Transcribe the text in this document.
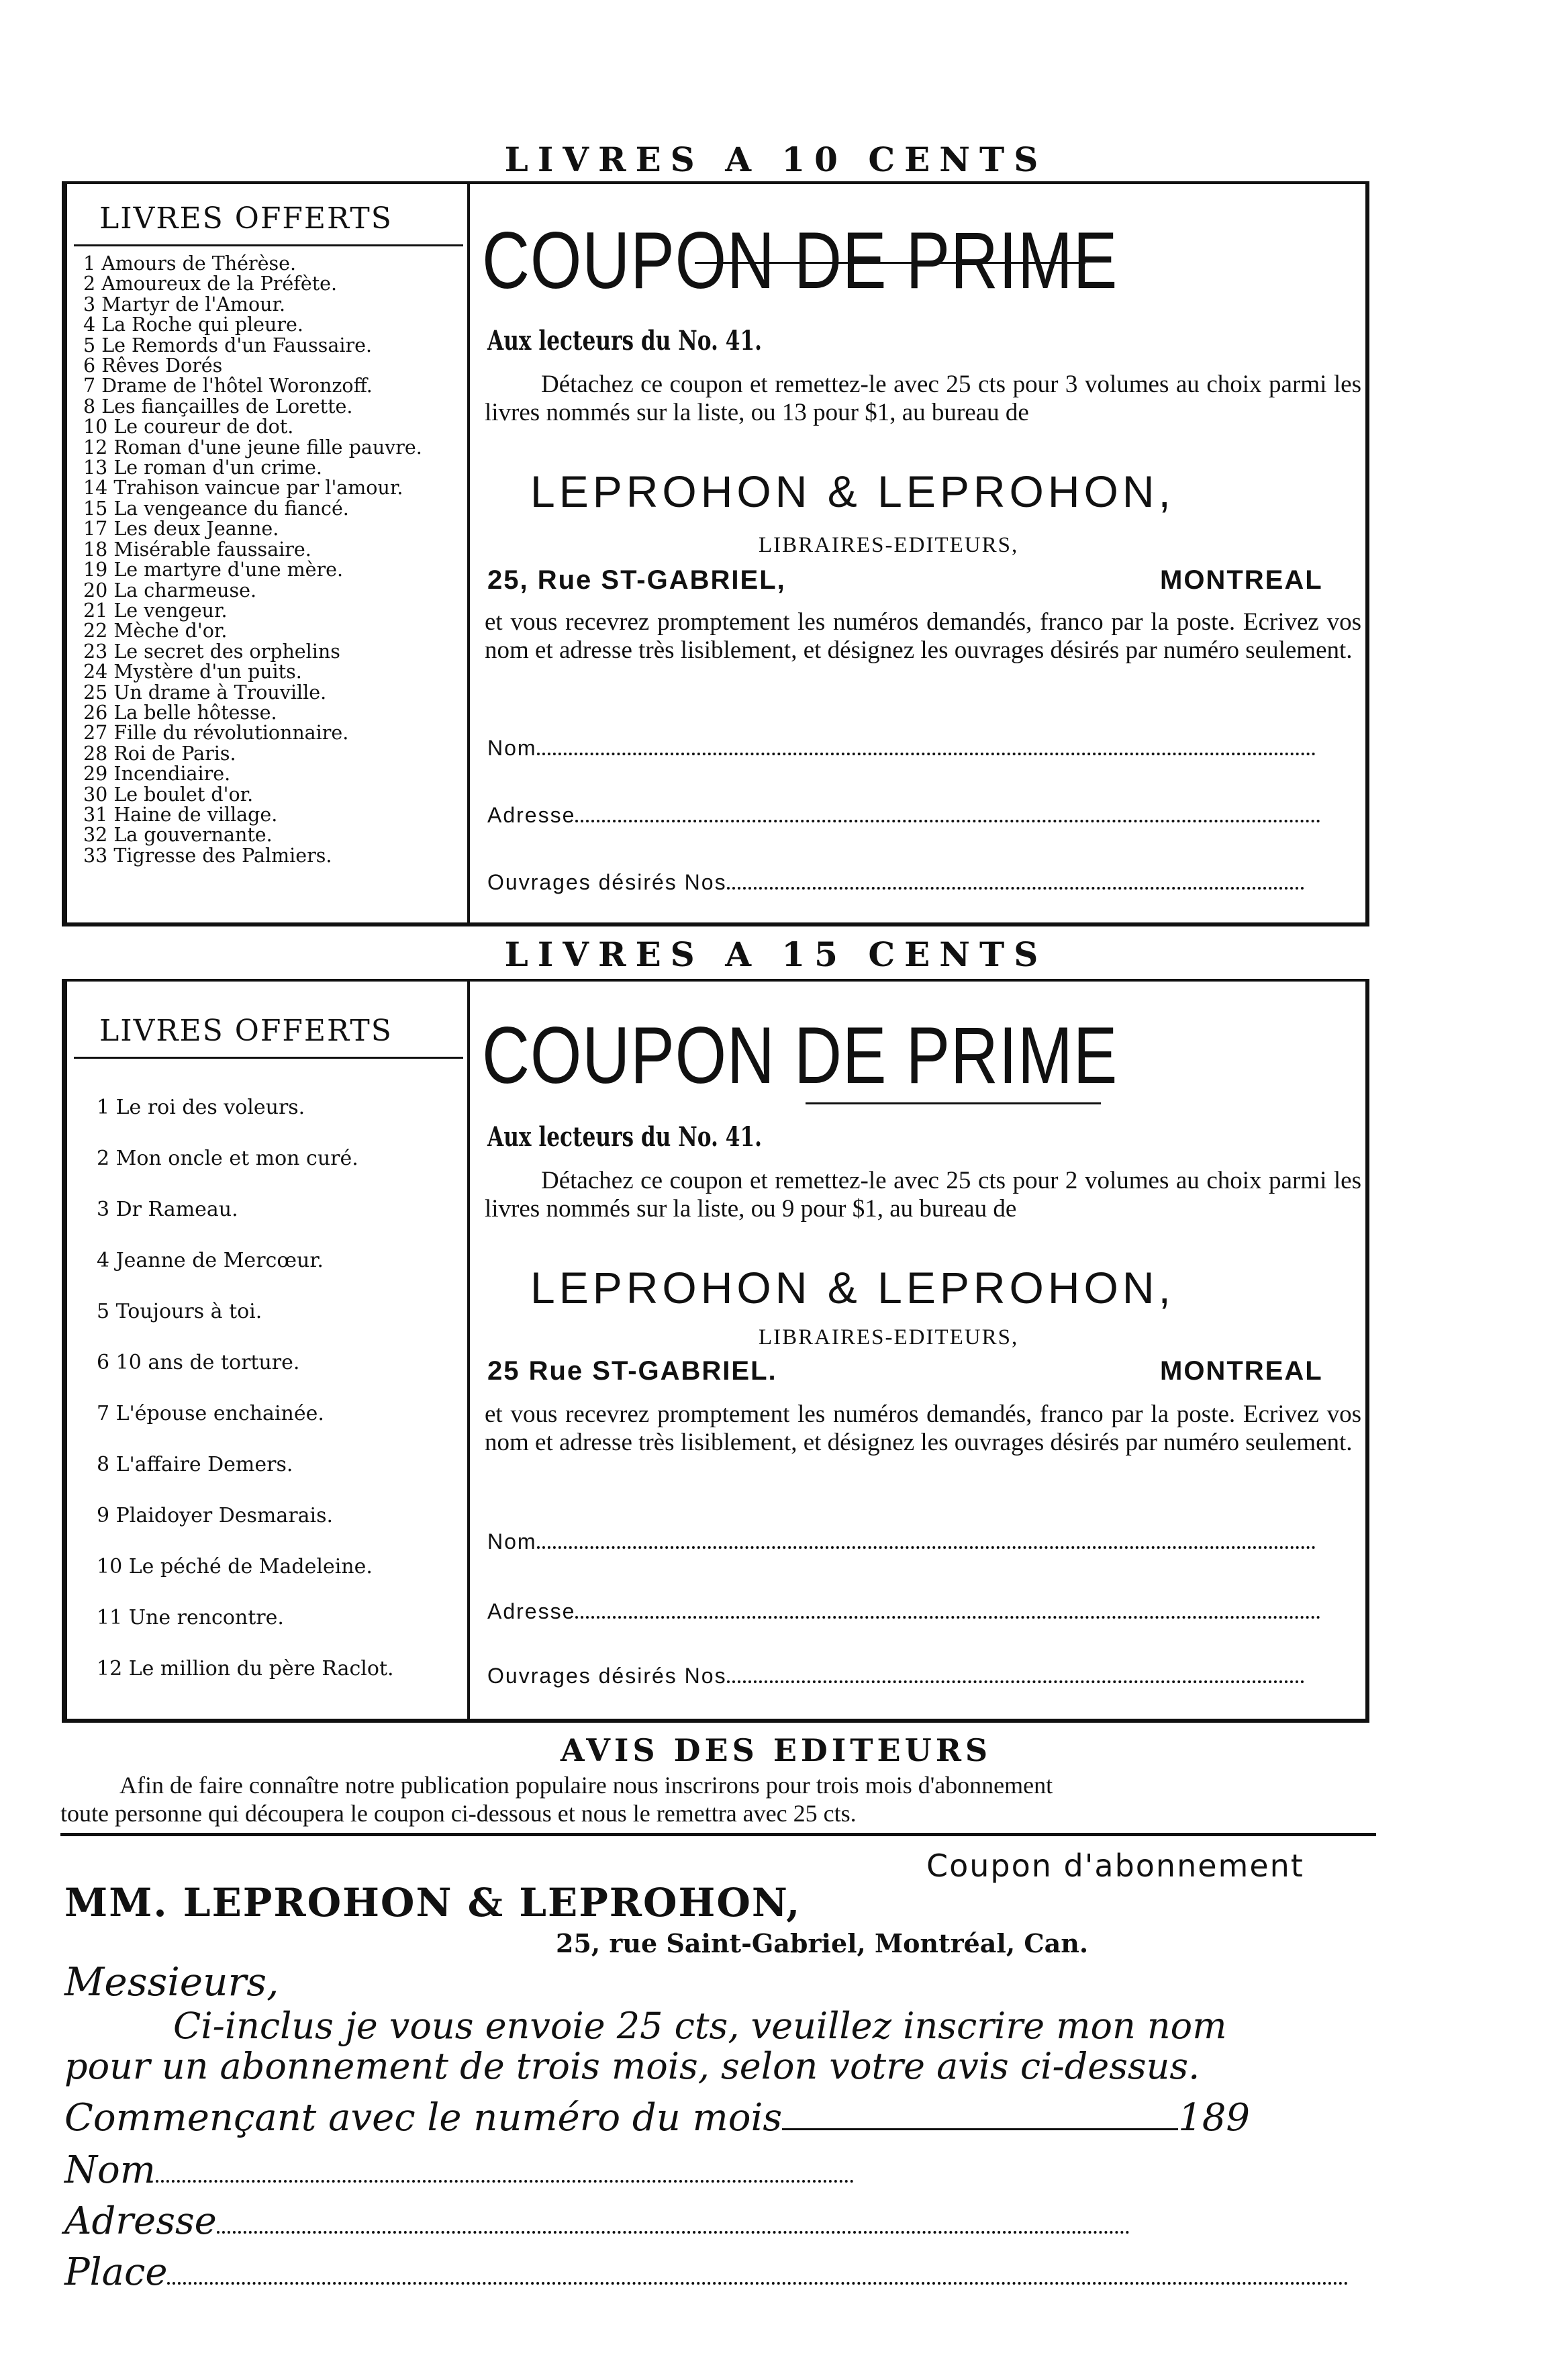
LIVRES A 10 CENTS
LIVRES OFFERTS
1 Amours de Thérèse.
2 Amoureux de la Préfète.
3 Martyr de l'Amour.
4 La Roche qui pleure.
5 Le Remords d'un Faussaire.
6 Rêves Dorés
7 Drame de l'hôtel Woronzoff.
8 Les fiançailles de Lorette.
10 Le coureur de dot.
12 Roman d'une jeune fille pauvre.
13 Le roman d'un crime.
14 Trahison vaincue par l'amour.
15 La vengeance du fiancé.
17 Les deux Jeanne.
18 Misérable faussaire.
19 Le martyre d'une mère.
20 La charmeuse.
21 Le vengeur.
22 Mèche d'or.
23 Le secret des orphelins
24 Mystère d'un puits.
25 Un drame à Trouville.
26 La belle hôtesse.
27 Fille du révolutionnaire.
28 Roi de Paris.
29 Incendiaire.
30 Le boulet d'or.
31 Haine de village.
32 La gouvernante.
33 Tigresse des Palmiers.
COUPON DE PRIME
Aux lecteurs du No. 41.
Détachez ce coupon et remettez-le avec 25 cts pour 3 volumes au choix parmi les livres nommés sur la liste, ou 13 pour $1, au bureau de
LEPROHON & LEPROHON,
LIBRAIRES-EDITEURS,
25, Rue ST-GABRIEL,	MONTREAL
et vous recevrez promptement les numéros demandés, franco par la poste. Ecrivez vos nom et adresse très lisiblement, et désignez les ouvrages désirés par numéro seulement.
Nom
Adresse
Ouvrages désirés Nos
LIVRES A 15 CENTS
LIVRES OFFERTS
1 Le roi des voleurs.
2 Mon oncle et mon curé.
3 Dr Rameau.
4 Jeanne de Mercœur.
5 Toujours à toi.
6 10 ans de torture.
7 L'épouse enchainée.
8 L'affaire Demers.
9 Plaidoyer Desmarais.
10 Le péché de Madeleine.
11 Une rencontre.
12 Le million du père Raclot.
COUPON DE PRIME
Aux lecteurs du No. 41.
Détachez ce coupon et remettez-le avec 25 cts pour 2 volumes au choix parmi les livres nommés sur la liste, ou 9 pour $1, au bureau de
LEPROHON & LEPROHON,
LIBRAIRES-EDITEURS,
25 Rue ST-GABRIEL.	MONTREAL
et vous recevrez promptement les numéros demandés, franco par la poste. Ecrivez vos nom et adresse très lisiblement, et désignez les ouvrages désirés par numéro seulement.
Nom
Adresse
Ouvrages désirés Nos
AVIS DES EDITEURS
Afin de faire connaître notre publication populaire nous inscrirons pour trois mois d'abonnement
toute personne qui découpera le coupon ci-dessous et nous le remettra avec 25 cts.
Coupon d'abonnement
MM. LEPROHON & LEPROHON,
25, rue Saint-Gabriel, Montréal, Can.
Messieurs,
Ci-inclus je vous envoie 25 cts, veuillez inscrire mon nom
pour un abonnement de trois mois, selon votre avis ci-dessus.
Commençant avec le numéro du mois	189
Nom
Adresse
Place
